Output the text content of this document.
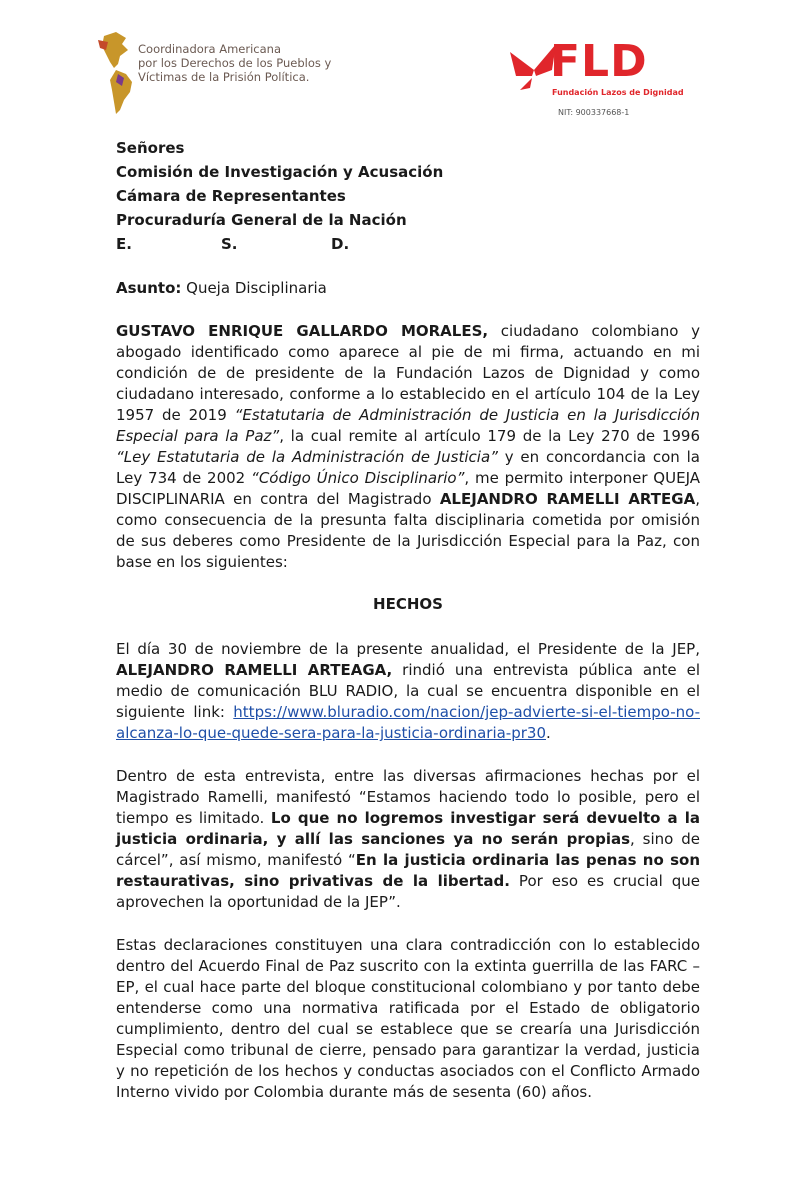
Coordinadora Americana
por los Derechos de los Pueblos y
Víctimas de la Prisión Política.	FLD
Fundación Lazos de Dignidad
NIT: 900337668-1
Señores
Comisión de Investigación y Acusación
Cámara de Representantes
Procuraduría General de la Nación
E.	S.	D.
Asunto: Queja Disciplinaria

GUSTAVO ENRIQUE GALLARDO MORALES, ciudadano colombiano y abogado identificado como aparece al pie de mi firma, actuando en mi condición de de presidente de la Fundación Lazos de Dignidad y como ciudadano interesado, conforme a lo establecido en el artículo 104 de la Ley 1957 de 2019 “Estatutaria de Administración de Justicia en la Jurisdicción Especial para la Paz”, la cual remite al artículo 179 de la Ley 270 de 1996 “Ley Estatutaria de la Administración de Justicia” y en concordancia con la Ley 734 de 2002 “Código Único Disciplinario”, me permito interponer QUEJA DISCIPLINARIA en contra del Magistrado ALEJANDRO RAMELLI ARTEGA, como consecuencia de la presunta falta disciplinaria cometida por omisión de sus deberes como Presidente de la Jurisdicción Especial para la Paz, con base en los siguientes:

HECHOS

El día 30 de noviembre de la presente anualidad, el Presidente de la JEP, ALEJANDRO RAMELLI ARTEAGA, rindió una entrevista pública ante el medio de comunicación BLU RADIO, la cual se encuentra disponible en el siguiente link: https://www.bluradio.com/nacion/jep-advierte-si-el-tiempo-no-alcanza-lo-que-quede-sera-para-la-justicia-ordinaria-pr30.

Dentro de esta entrevista, entre las diversas afirmaciones hechas por el Magistrado Ramelli, manifestó “Estamos haciendo todo lo posible, pero el tiempo es limitado. Lo que no logremos investigar será devuelto a la justicia ordinaria, y allí las sanciones ya no serán propias, sino de cárcel”, así mismo, manifestó “En la justicia ordinaria las penas no son restaurativas, sino privativas de la libertad. Por eso es crucial que aprovechen la oportunidad de la JEP”.

Estas declaraciones constituyen una clara contradicción con lo establecido dentro del Acuerdo Final de Paz suscrito con la extinta guerrilla de las FARC – EP, el cual hace parte del bloque constitucional colombiano y por tanto debe entenderse como una normativa ratificada por el Estado de obligatorio cumplimiento, dentro del cual se establece que se crearía una Jurisdicción Especial como tribunal de cierre, pensado para garantizar la verdad, justicia y no repetición de los hechos y conductas asociados con el Conflicto Armado Interno vivido por Colombia durante más de sesenta (60) años.
